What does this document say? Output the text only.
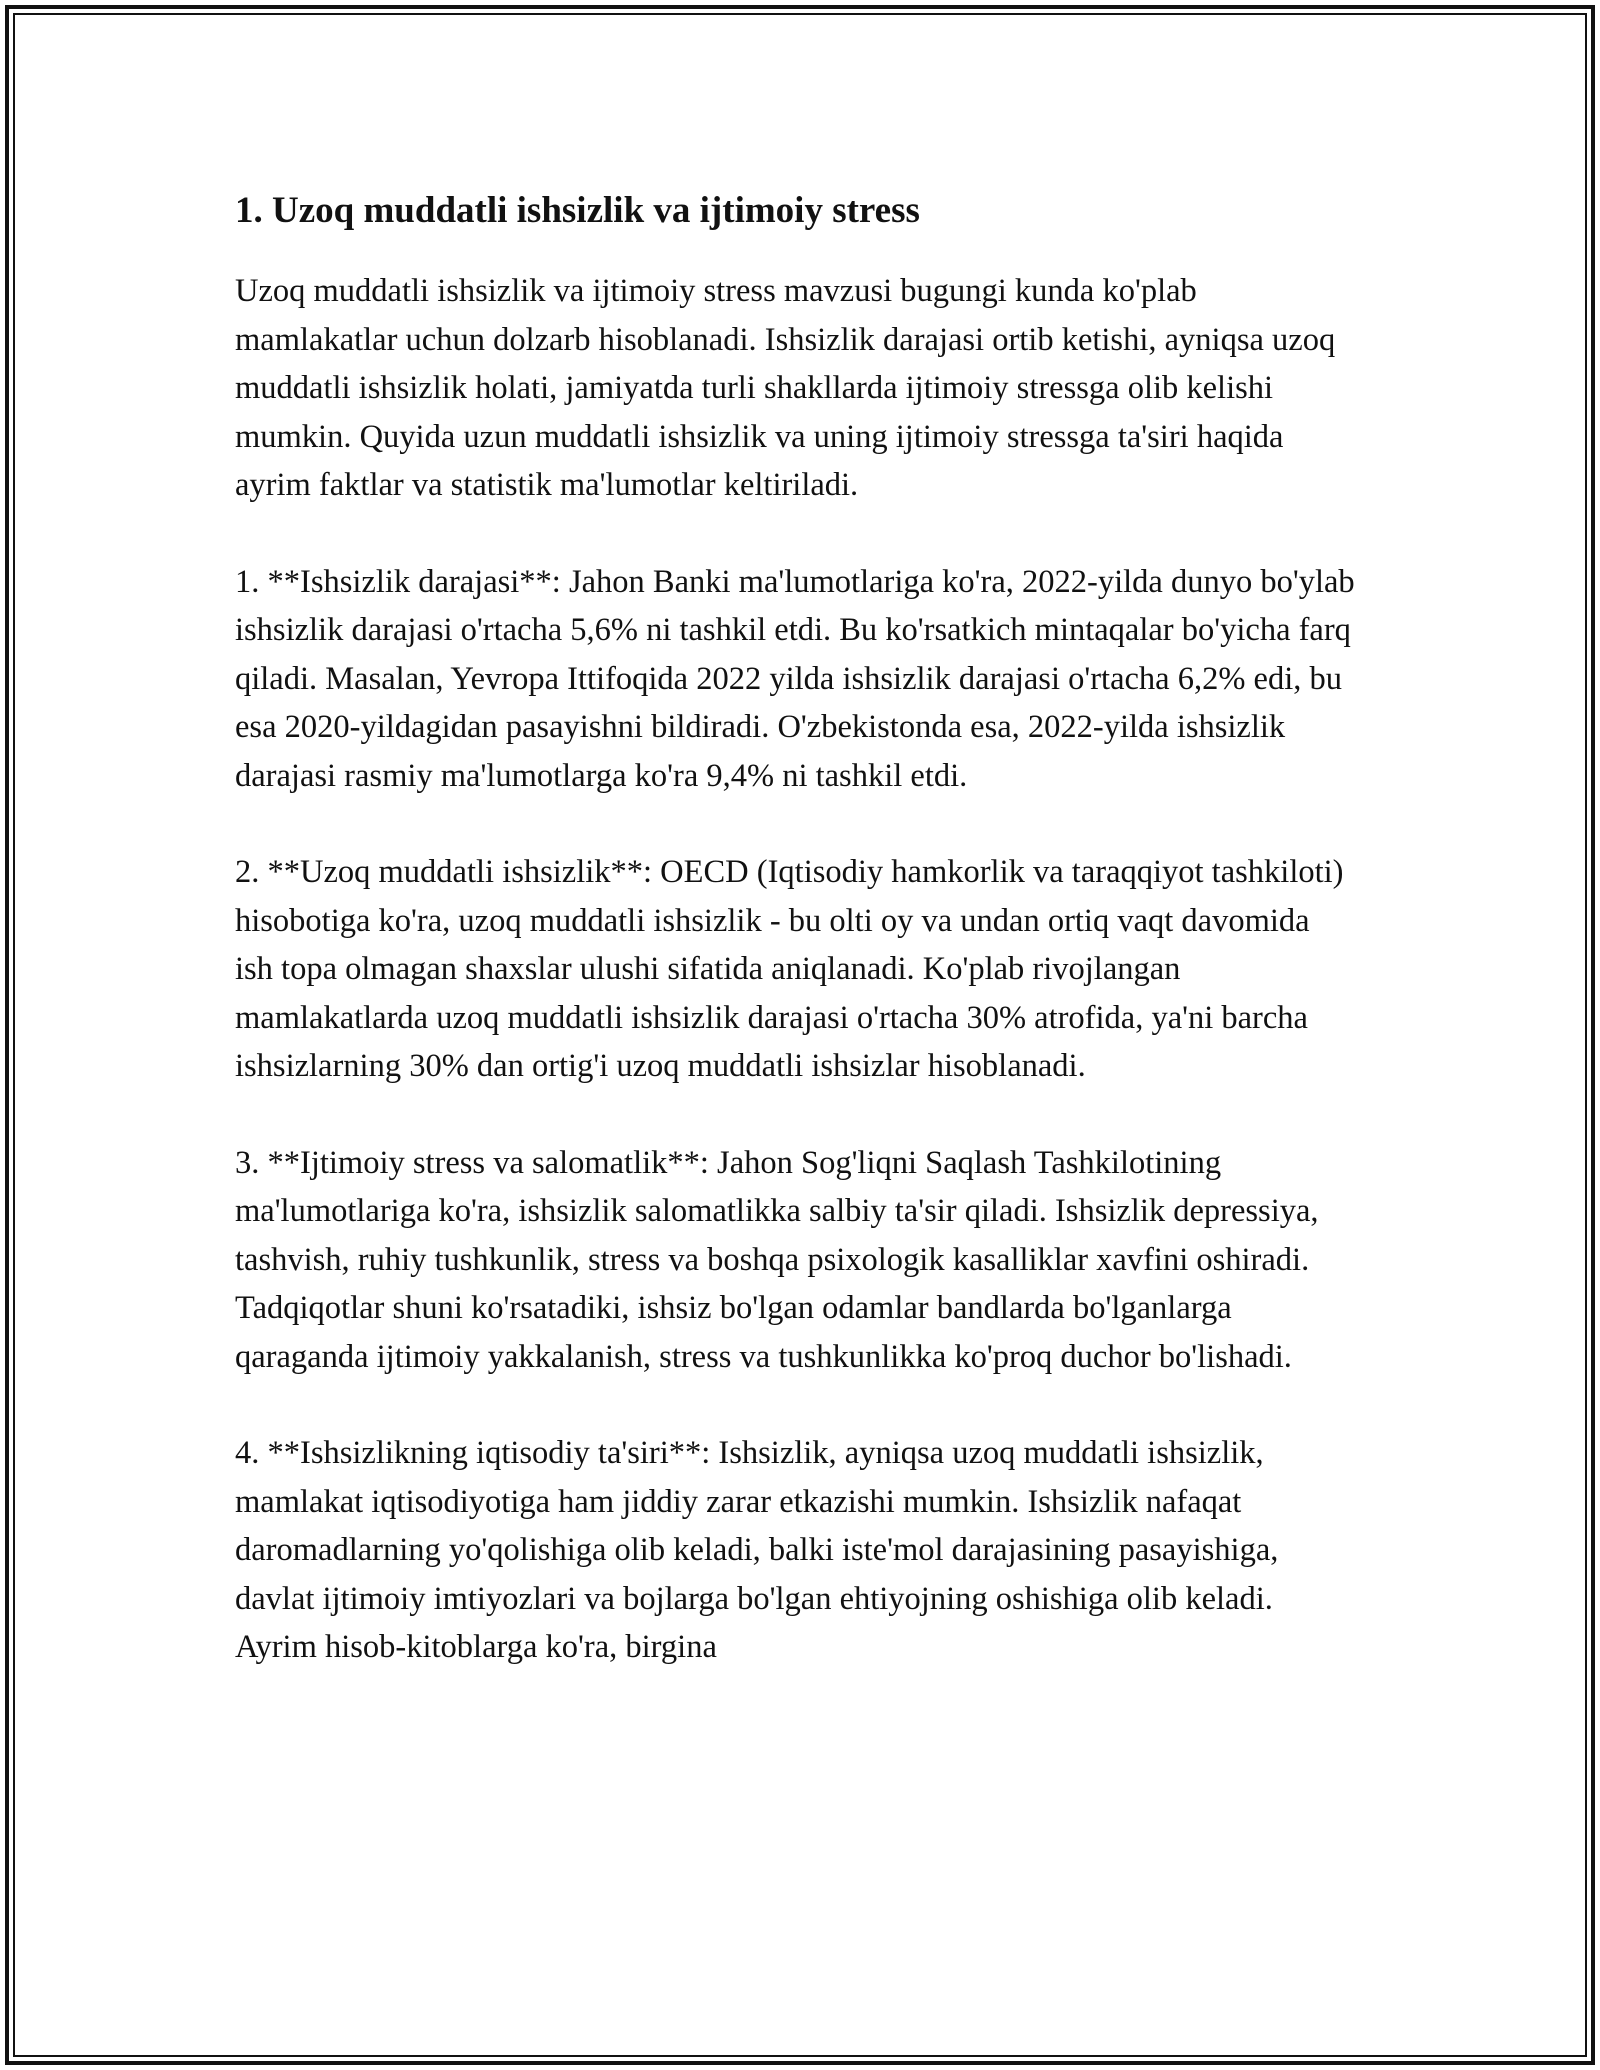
1. Uzoq muddatli ishsizlik va ijtimoiy stress

Uzoq muddatli ishsizlik va ijtimoiy stress mavzusi bugungi kunda ko'plab mamlakatlar uchun dolzarb hisoblanadi. Ishsizlik darajasi ortib ketishi, ayniqsa uzoq muddatli ishsizlik holati, jamiyatda turli shakllarda ijtimoiy stressga olib kelishi mumkin. Quyida uzun muddatli ishsizlik va uning ijtimoiy stressga ta'siri haqida ayrim faktlar va statistik ma'lumotlar keltiriladi.

1. **Ishsizlik darajasi**: Jahon Banki ma'lumotlariga ko'ra, 2022-yilda dunyo bo'ylab ishsizlik darajasi o'rtacha 5,6% ni tashkil etdi. Bu ko'rsatkich mintaqalar bo'yicha farq qiladi. Masalan, Yevropa Ittifoqida 2022 yilda ishsizlik darajasi o'rtacha 6,2% edi, bu esa 2020-yildagidan pasayishni bildiradi. O'zbekistonda esa, 2022-yilda ishsizlik darajasi rasmiy ma'lumotlarga ko'ra 9,4% ni tashkil etdi.

2. **Uzoq muddatli ishsizlik**: OECD (Iqtisodiy hamkorlik va taraqqiyot tashkiloti) hisobotiga ko'ra, uzoq muddatli ishsizlik - bu olti oy va undan ortiq vaqt davomida ish topa olmagan shaxslar ulushi sifatida aniqlanadi. Ko'plab rivojlangan mamlakatlarda uzoq muddatli ishsizlik darajasi o'rtacha 30% atrofida, ya'ni barcha ishsizlarning 30% dan ortig'i uzoq muddatli ishsizlar hisoblanadi.

3. **Ijtimoiy stress va salomatlik**: Jahon Sog'liqni Saqlash Tashkilotining ma'lumotlariga ko'ra, ishsizlik salomatlikka salbiy ta'sir qiladi. Ishsizlik depressiya, tashvish, ruhiy tushkunlik, stress va boshqa psixologik kasalliklar xavfini oshiradi. Tadqiqotlar shuni ko'rsatadiki, ishsiz bo'lgan odamlar bandlarda bo'lganlarga qaraganda ijtimoiy yakkalanish, stress va tushkunlikka ko'proq duchor bo'lishadi.

4. **Ishsizlikning iqtisodiy ta'siri**: Ishsizlik, ayniqsa uzoq muddatli ishsizlik, mamlakat iqtisodiyotiga ham jiddiy zarar etkazishi mumkin. Ishsizlik nafaqat daromadlarning yo'qolishiga olib keladi, balki iste'mol darajasining pasayishiga, davlat ijtimoiy imtiyozlari va bojlarga bo'lgan ehtiyojning oshishiga olib keladi. Ayrim hisob-kitoblarga ko'ra, birgina
